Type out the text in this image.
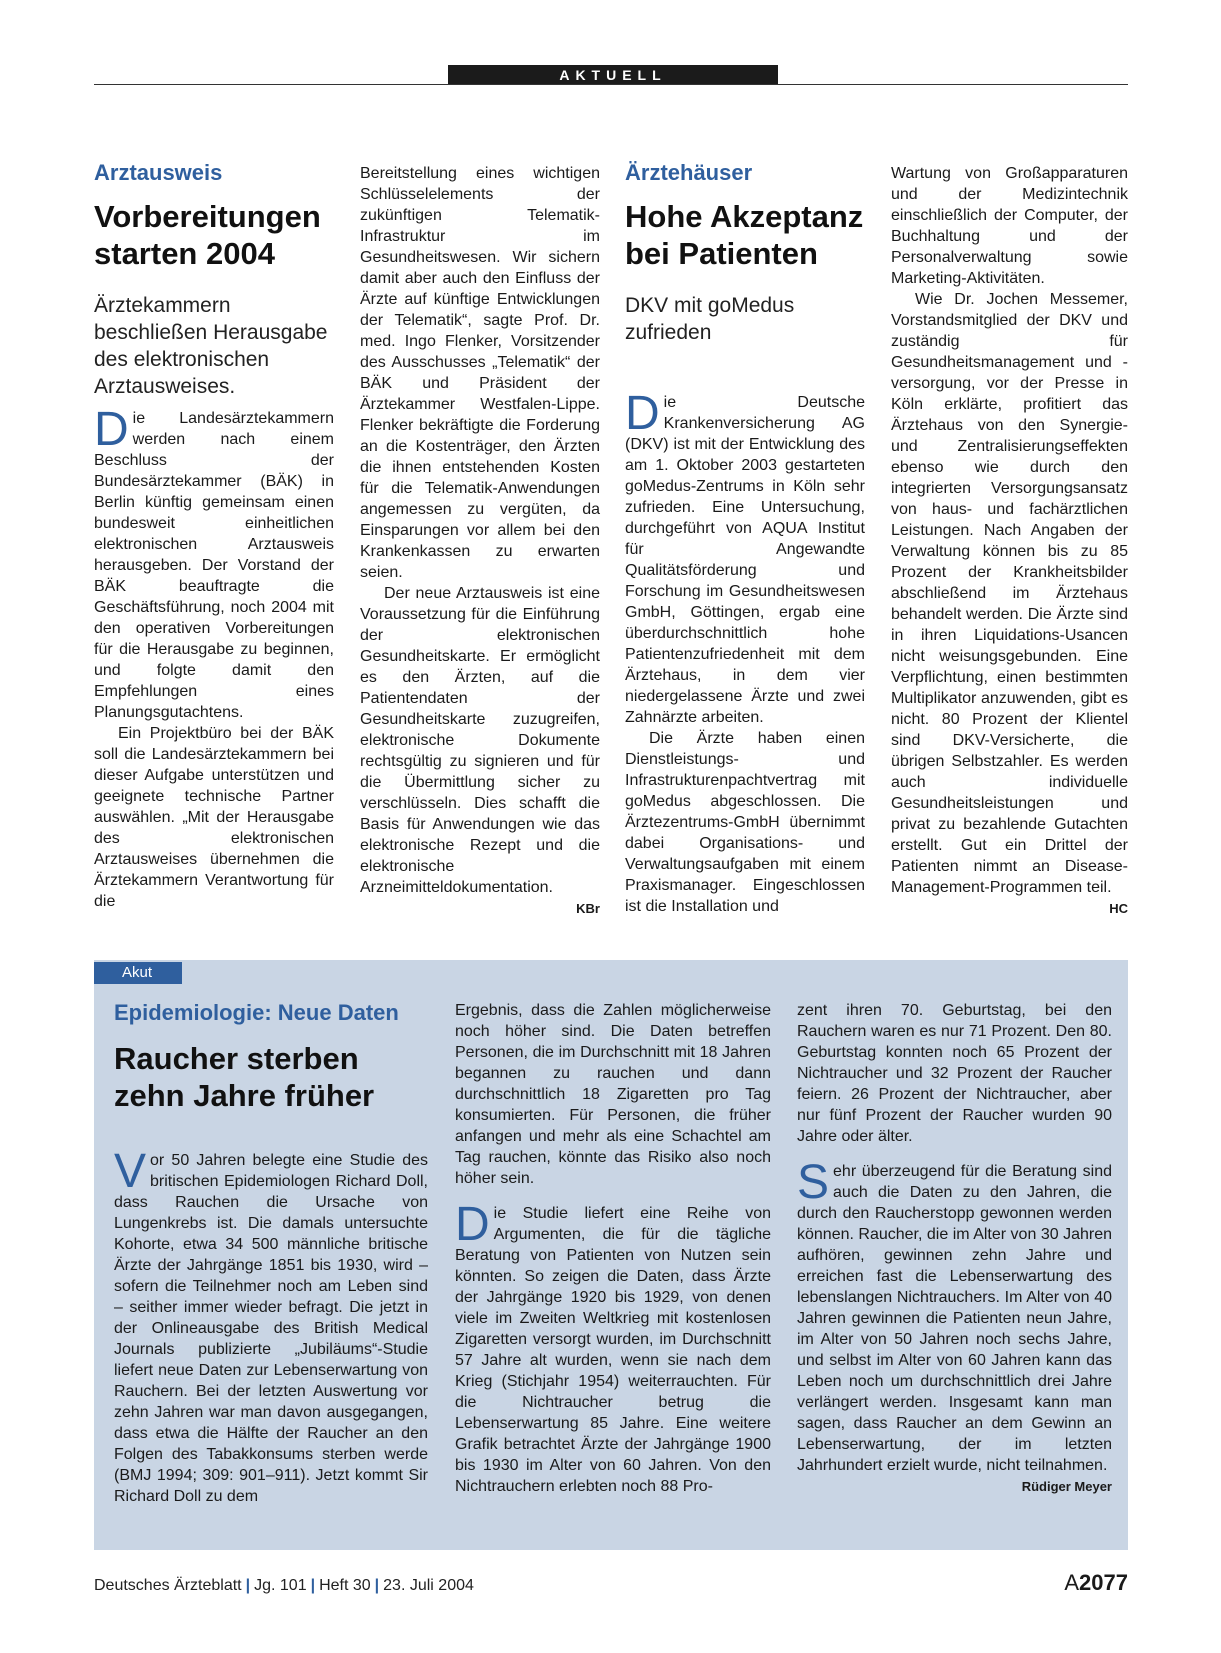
AKTUELL
Arztausweis
Vorbereitungen
starten 2004
Ärztekammern beschließen Herausgabe des elektronischen Arztausweises.

Die Landesärztekammern werden nach einem Beschluss der Bundesärztekammer (BÄK) in Berlin künftig gemeinsam einen bundesweit einheitlichen elektronischen Arztausweis herausgeben. Der Vorstand der BÄK beauftragte die Geschäftsführung, noch 2004 mit den operativen Vorbereitungen für die Herausgabe zu beginnen, und folgte damit den Empfehlungen eines Planungsgutachtens.

Ein Projektbüro bei der BÄK soll die Landesärztekammern bei dieser Aufgabe unterstützen und geeignete technische Partner auswählen. „Mit der Herausgabe des elektronischen Arztausweises übernehmen die Ärztekammern Verantwortung für die

Bereitstellung eines wichtigen Schlüsselelements der zukünftigen Telematik-Infrastruktur im Gesundheitswesen. Wir sichern damit aber auch den Einfluss der Ärzte auf künftige Entwicklungen der Telematik“, sagte Prof. Dr. med. Ingo Flenker, Vorsitzender des Ausschusses „Telematik“ der BÄK und Präsident der Ärztekammer Westfalen-Lippe. Flenker bekräftigte die Forderung an die Kostenträger, den Ärzten die ihnen entstehenden Kosten für die Telematik-Anwendungen angemessen zu vergüten, da Einsparungen vor allem bei den Krankenkassen zu erwarten seien.

Der neue Arztausweis ist eine Voraussetzung für die Einführung der elektronischen Gesundheitskarte. Er ermöglicht es den Ärzten, auf die Patientendaten der Gesundheitskarte zuzugreifen, elektronische Dokumente rechtsgültig zu signieren und für die Übermittlung sicher zu verschlüsseln. Dies schafft die Basis für Anwendungen wie das elektronische Rezept und die elektronische Arzneimitteldokumentation.
KBr

Ärztehäuser
Hohe Akzeptanz
bei Patienten
DKV mit goMedus zufrieden

Die Deutsche Krankenversicherung AG (DKV) ist mit der Entwicklung des am 1. Oktober 2003 gestarteten goMedus-Zentrums in Köln sehr zufrieden. Eine Untersuchung, durchgeführt von AQUA Institut für Angewandte Qualitätsförderung und Forschung im Gesundheitswesen GmbH, Göttingen, ergab eine überdurchschnittlich hohe Patientenzufriedenheit mit dem Ärztehaus, in dem vier niedergelassene Ärzte und zwei Zahnärzte arbeiten.

Die Ärzte haben einen Dienstleistungs- und Infrastrukturenpachtvertrag mit goMedus abgeschlossen. Die Ärztezentrums-GmbH übernimmt dabei Organisations- und Verwaltungsaufgaben mit einem Praxismanager. Eingeschlossen ist die Installation und

Wartung von Großapparaturen und der Medizintechnik einschließlich der Computer, der Buchhaltung und der Personalverwaltung sowie Marketing-Aktivitäten.

Wie Dr. Jochen Messemer, Vorstandsmitglied der DKV und zuständig für Gesundheitsmanagement und -versorgung, vor der Presse in Köln erklärte, profitiert das Ärztehaus von den Synergie- und Zentralisierungseffekten ebenso wie durch den integrierten Versorgungsansatz von haus- und fachärztlichen Leistungen. Nach Angaben der Verwaltung können bis zu 85 Prozent der Krankheitsbilder abschließend im Ärztehaus behandelt werden. Die Ärzte sind in ihren Liquidations-Usancen nicht weisungsgebunden. Eine Verpflichtung, einen bestimmten Multiplikator anzuwenden, gibt es nicht. 80 Prozent der Klientel sind DKV-Versicherte, die übrigen Selbstzahler. Es werden auch individuelle Gesundheitsleistungen und privat zu bezahlende Gutachten erstellt. Gut ein Drittel der Patienten nimmt an Disease-Management-Programmen teil.
HC

Akut
Epidemiologie: Neue Daten
Raucher sterben
zehn Jahre früher

Vor 50 Jahren belegte eine Studie des britischen Epidemiologen Richard Doll, dass Rauchen die Ursache von Lungenkrebs ist. Die damals untersuchte Kohorte, etwa 34 500 männliche britische Ärzte der Jahrgänge 1851 bis 1930, wird – sofern die Teilnehmer noch am Leben sind – seither immer wieder befragt. Die jetzt in der Onlineausgabe des British Medical Journals publizierte „Jubiläums“-Studie liefert neue Daten zur Lebenserwartung von Rauchern. Bei der letzten Auswertung vor zehn Jahren war man davon ausgegangen, dass etwa die Hälfte der Raucher an den Folgen des Tabakkonsums sterben werde (BMJ 1994; 309: 901–911). Jetzt kommt Sir Richard Doll zu dem

Ergebnis, dass die Zahlen möglicherweise noch höher sind. Die Daten betreffen Personen, die im Durchschnitt mit 18 Jahren begannen zu rauchen und dann durchschnittlich 18 Zigaretten pro Tag konsumierten. Für Personen, die früher anfangen und mehr als eine Schachtel am Tag rauchen, könnte das Risiko also noch höher sein.

Die Studie liefert eine Reihe von Argumenten, die für die tägliche Beratung von Patienten von Nutzen sein könnten. So zeigen die Daten, dass Ärzte der Jahrgänge 1920 bis 1929, von denen viele im Zweiten Weltkrieg mit kostenlosen Zigaretten versorgt wurden, im Durchschnitt 57 Jahre alt wurden, wenn sie nach dem Krieg (Stichjahr 1954) weiterrauchten. Für die Nichtraucher betrug die Lebenserwartung 85 Jahre. Eine weitere Grafik betrachtet Ärzte der Jahrgänge 1900 bis 1930 im Alter von 60 Jahren. Von den Nichtrauchern erlebten noch 88 Pro-

zent ihren 70. Geburtstag, bei den Rauchern waren es nur 71 Prozent. Den 80. Geburtstag konnten noch 65 Prozent der Nichtraucher und 32 Prozent der Raucher feiern. 26 Prozent der Nichtraucher, aber nur fünf Prozent der Raucher wurden 90 Jahre oder älter.

Sehr überzeugend für die Beratung sind auch die Daten zu den Jahren, die durch den Raucherstopp gewonnen werden können. Raucher, die im Alter von 30 Jahren aufhören, gewinnen zehn Jahre und erreichen fast die Lebenserwartung des lebenslangen Nichtrauchers. Im Alter von 40 Jahren gewinnen die Patienten neun Jahre, im Alter von 50 Jahren noch sechs Jahre, und selbst im Alter von 60 Jahren kann das Leben noch um durchschnittlich drei Jahre verlängert werden. Insgesamt kann man sagen, dass Raucher an dem Gewinn an Lebenserwartung, der im letzten Jahrhundert erzielt wurde, nicht teilnahmen.
Rüdiger Meyer

Deutsches Ärzteblatt | Jg. 101 | Heft 30 | 23. Juli 2004	A2077
